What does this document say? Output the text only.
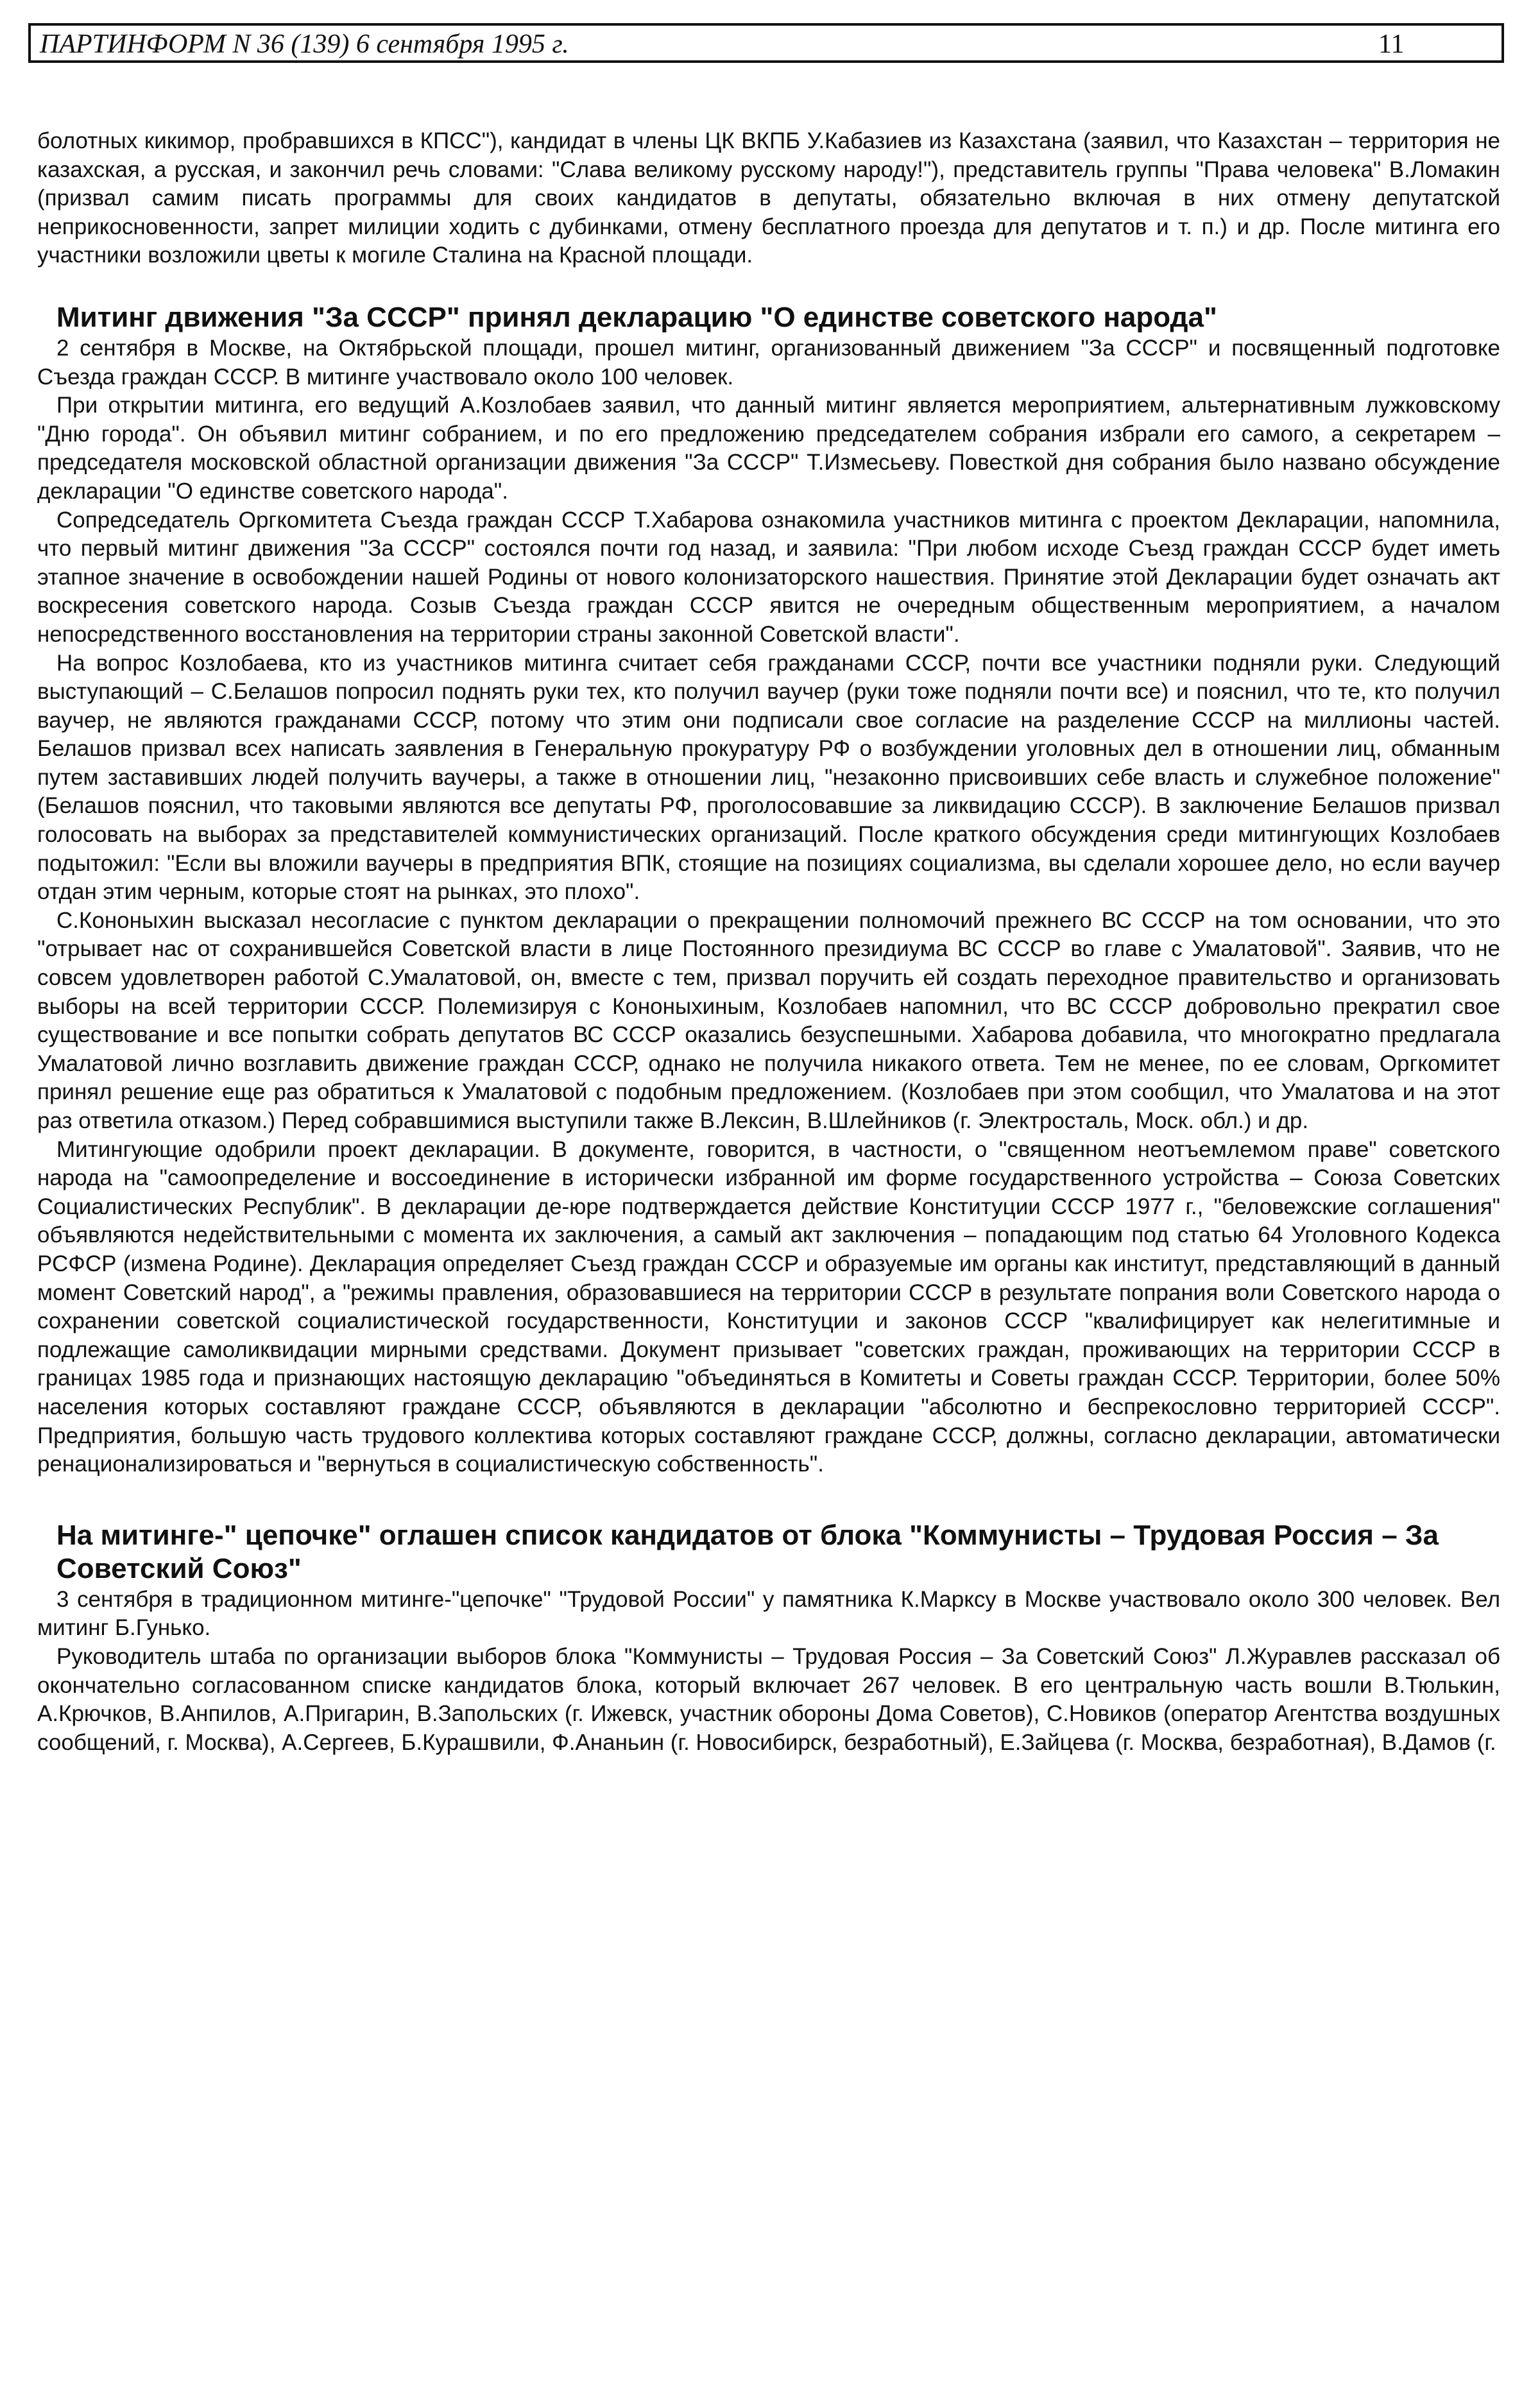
ПАРТИНФОРМ N 36 (139) 6 сентября 1995 г.	11

болотных кикимор, пробравшихся в КПСС"), кандидат в члены ЦК ВКПБ У.Кабазиев из Казахстана (заявил, что Казахстан – территория не казахская, а русская, и закончил речь словами: "Слава великому русскому народу!"), представитель группы "Права человека" В.Ломакин (призвал самим писать программы для своих кандидатов в депутаты, обязательно включая в них отмену депутатской неприкосновенности, запрет милиции ходить с дубинками, отмену бесплатного проезда для депутатов и т. п.) и др. После митинга его участники возложили цветы к могиле Сталина на Красной площади.

Митинг движения "За СССР" принял декларацию "О единстве советского народа"

2 сентября в Москве, на Октябрьской площади, прошел митинг, организованный движением "За СССР" и посвященный подготовке Съезда граждан СССР. В митинге участвовало около 100 человек.

При открытии митинга, его ведущий А.Козлобаев заявил, что данный митинг является мероприятием, альтернативным лужковскому "Дню города". Он объявил митинг собранием, и по его предложению председателем собрания избрали его самого, а секретарем – председателя московской областной организации движения "За СССР" Т.Измесьеву. Повесткой дня собрания было названо обсуждение декларации "О единстве советского народа".

Сопредседатель Оргкомитета Съезда граждан СССР Т.Хабарова ознакомила участников митинга с проектом Декларации, напомнила, что первый митинг движения "За СССР" состоялся почти год назад, и заявила: "При любом исходе Съезд граждан СССР будет иметь этапное значение в освобождении нашей Родины от нового колонизаторского нашествия. Принятие этой Декларации будет означать акт воскресения советского народа. Созыв Съезда граждан СССР явится не очередным общественным мероприятием, а началом непосредственного восстановления на территории страны законной Советской власти".

На вопрос Козлобаева, кто из участников митинга считает себя гражданами СССР, почти все участники подняли руки. Следующий выступающий – С.Белашов попросил поднять руки тех, кто получил ваучер (руки тоже подняли почти все) и пояснил, что те, кто получил ваучер, не являются гражданами СССР, потому что этим они подписали свое согласие на разделение СССР на миллионы частей. Белашов призвал всех написать заявления в Генеральную прокуратуру РФ о возбуждении уголовных дел в отношении лиц, обманным путем заставивших людей получить ваучеры, а также в отношении лиц, "незаконно присвоивших себе власть и служебное положение" (Белашов пояснил, что таковыми являются все депутаты РФ, проголосовавшие за ликвидацию СССР). В заключение Белашов призвал голосовать на выборах за представителей коммунистических организаций. После краткого обсуждения среди митингующих Козлобаев подытожил: "Если вы вложили ваучеры в предприятия ВПК, стоящие на позициях социализма, вы сделали хорошее дело, но если ваучер отдан этим черным, которые стоят на рынках, это плохо".

С.Кононыхин высказал несогласие с пунктом декларации о прекращении полномочий прежнего ВС СССР на том основании, что это "отрывает нас от сохранившейся Советской власти в лице Постоянного президиума ВС СССР во главе с Умалатовой". Заявив, что не совсем удовлетворен работой С.Умалатовой, он, вместе с тем, призвал поручить ей создать переходное правительство и организовать выборы на всей территории СССР. Полемизируя с Кононыхиным, Козлобаев напомнил, что ВС СССР добровольно прекратил свое существование и все попытки собрать депутатов ВС СССР оказались безуспешными. Хабарова добавила, что многократно предлагала Умалатовой лично возглавить движение граждан СССР, однако не получила никакого ответа. Тем не менее, по ее словам, Оргкомитет принял решение еще раз обратиться к Умалатовой с подобным предложением. (Козлобаев при этом сообщил, что Умалатова и на этот раз ответила отказом.) Перед собравшимися выступили также В.Лексин, В.Шлейников (г. Электросталь, Моск. обл.) и др.

Митингующие одобрили проект декларации. В документе, говорится, в частности, о "священном неотъемлемом праве" советского народа на "самоопределение и воссоединение в исторически избранной им форме государственного устройства – Союза Советских Социалистических Республик". В декларации де-юре подтверждается действие Конституции СССР 1977 г., "беловежские соглашения" объявляются недействительными с момента их заключения, а самый акт заключения – попадающим под статью 64 Уголовного Кодекса РСФСР (измена Родине). Декларация определяет Съезд граждан СССР и образуемые им органы как институт, представляющий в данный момент Советский народ", а "режимы правления, образовавшиеся на территории СССР в результате попрания воли Советского народа о сохранении советской социалистической государственности, Конституции и законов СССР "квалифицирует как нелегитимные и подлежащие самоликвидации мирными средствами. Документ призывает "советских граждан, проживающих на территории СССР в границах 1985 года и признающих настоящую декларацию "объединяться в Комитеты и Советы граждан СССР. Территории, более 50% населения которых составляют граждане СССР, объявляются в декларации "абсолютно и беспрекословно территорией СССР". Предприятия, большую часть трудового коллектива которых составляют граждане СССР, должны, согласно декларации, автоматически ренационализироваться и "вернуться в социалистическую собственность".

На митинге-" цепочке" оглашен список кандидатов от блока "Коммунисты – Трудовая Россия – За Советский Союз"

3 сентября в традиционном митинге-"цепочке" "Трудовой России" у памятника К.Марксу в Москве участвовало около 300 человек. Вел митинг Б.Гунько.

Руководитель штаба по организации выборов блока "Коммунисты – Трудовая Россия – За Советский Союз" Л.Журавлев рассказал об окончательно согласованном списке кандидатов блока, который включает 267 человек. В его центральную часть вошли В.Тюлькин, А.Крючков, В.Анпилов, А.Пригарин, В.Запольских (г. Ижевск, участник обороны Дома Советов), С.Новиков (оператор Агентства воздушных сообщений, г. Москва), А.Сергеев, Б.Курашвили, Ф.Ананьин (г. Новосибирск, безработный), Е.Зайцева (г. Москва, безработная), В.Дамов (г.
